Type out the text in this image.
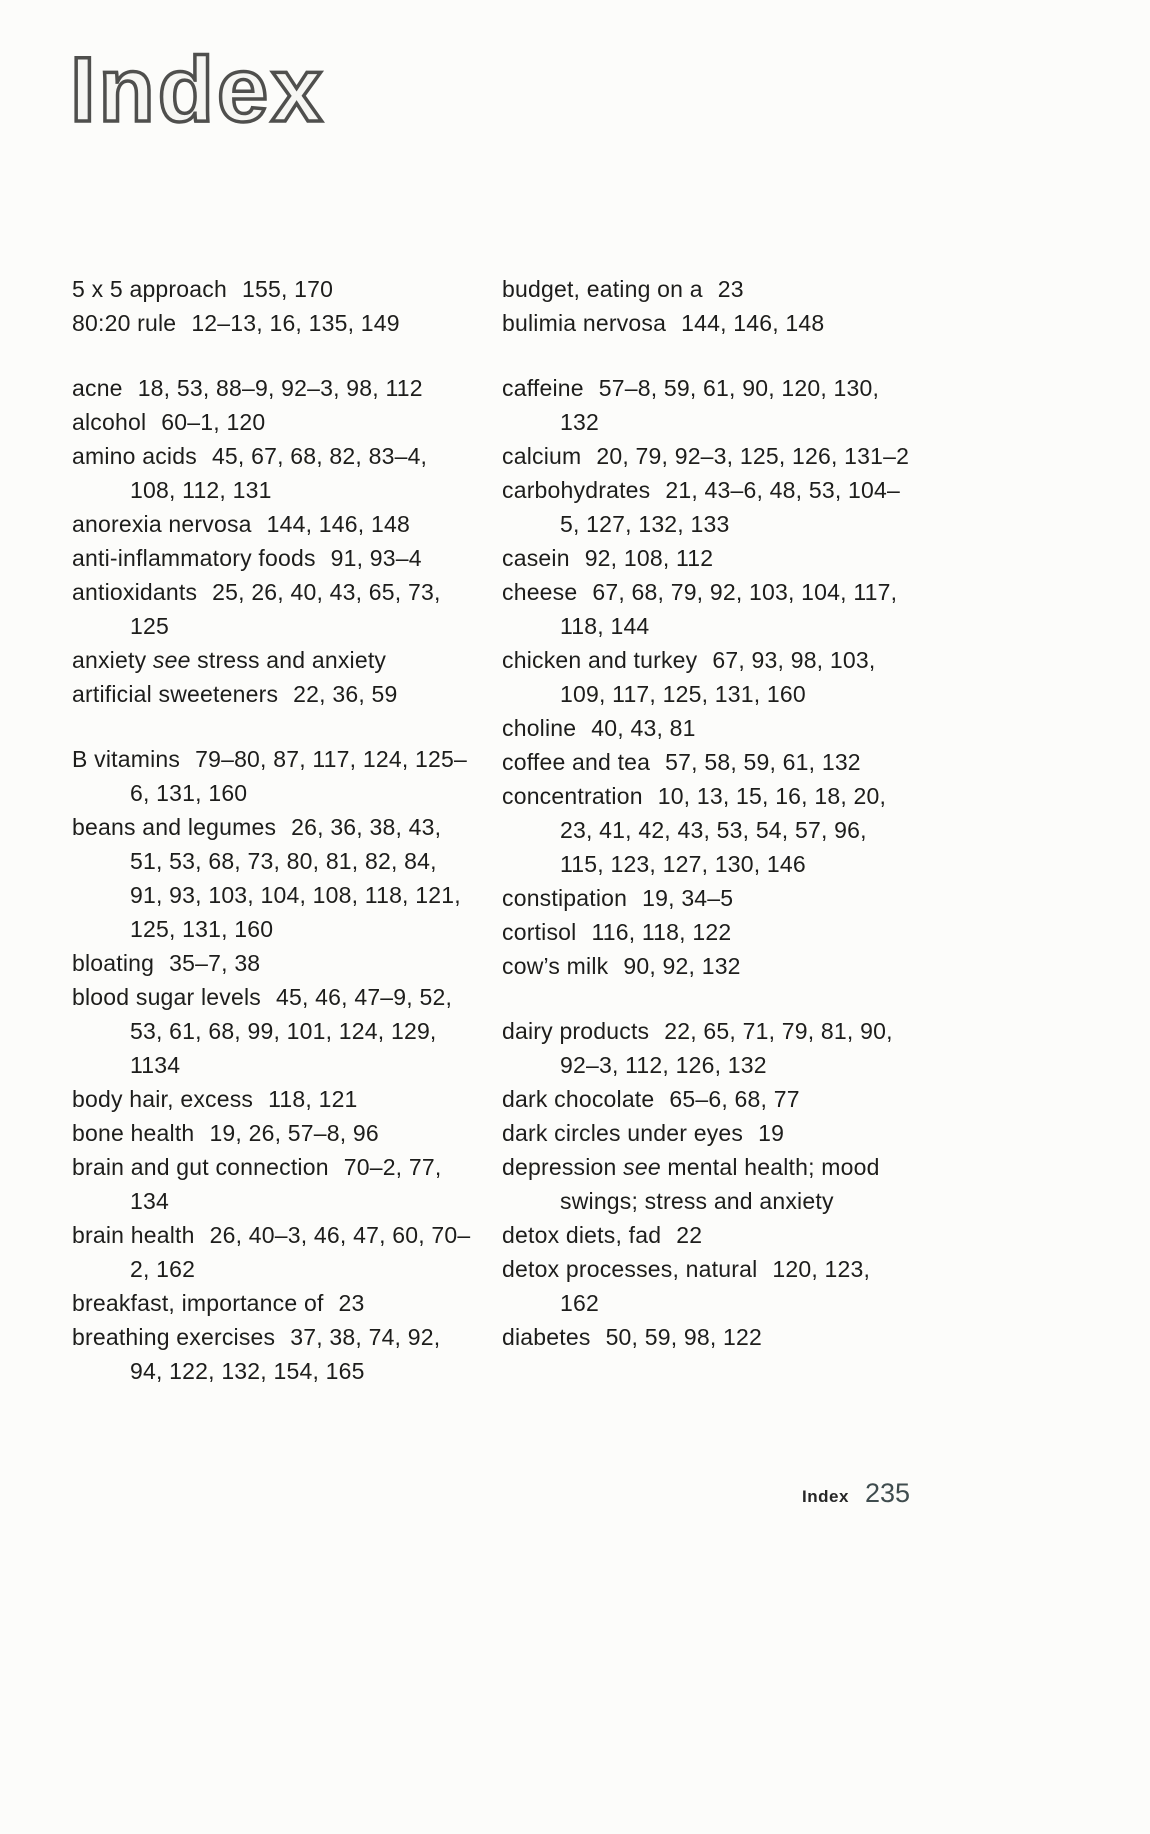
Index
5 x 5 approach 155, 170
80:20 rule 12–13, 16, 135, 149
acne 18, 53, 88–9, 92–3, 98, 112
alcohol 60–1, 120
amino acids 45, 67, 68, 82, 83–4, 108, 112, 131
anorexia nervosa 144, 146, 148
anti-inflammatory foods 91, 93–4
antioxidants 25, 26, 40, 43, 65, 73, 125
anxiety see stress and anxiety
artificial sweeteners 22, 36, 59
B vitamins 79–80, 87, 117, 124, 125–6, 131, 160
beans and legumes 26, 36, 38, 43, 51, 53, 68, 73, 80, 81, 82, 84, 91, 93, 103, 104, 108, 118, 121, 125, 131, 160
bloating 35–7, 38
blood sugar levels 45, 46, 47–9, 52, 53, 61, 68, 99, 101, 124, 129, 1134
body hair, excess 118, 121
bone health 19, 26, 57–8, 96
brain and gut connection 70–2, 77, 134
brain health 26, 40–3, 46, 47, 60, 70–2, 162
breakfast, importance of 23
breathing exercises 37, 38, 74, 92, 94, 122, 132, 154, 165
budget, eating on a 23
bulimia nervosa 144, 146, 148
caffeine 57–8, 59, 61, 90, 120, 130, 132
calcium 20, 79, 92–3, 125, 126, 131–2
carbohydrates 21, 43–6, 48, 53, 104–5, 127, 132, 133
casein 92, 108, 112
cheese 67, 68, 79, 92, 103, 104, 117, 118, 144
chicken and turkey 67, 93, 98, 103, 109, 117, 125, 131, 160
choline 40, 43, 81
coffee and tea 57, 58, 59, 61, 132
concentration 10, 13, 15, 16, 18, 20, 23, 41, 42, 43, 53, 54, 57, 96, 115, 123, 127, 130, 146
constipation 19, 34–5
cortisol 116, 118, 122
cow’s milk 90, 92, 132
dairy products 22, 65, 71, 79, 81, 90, 92–3, 112, 126, 132
dark chocolate 65–6, 68, 77
dark circles under eyes 19
depression see mental health; mood swings; stress and anxiety
detox diets, fad 22
detox processes, natural 120, 123, 162
diabetes 50, 59, 98, 122
Index 235
